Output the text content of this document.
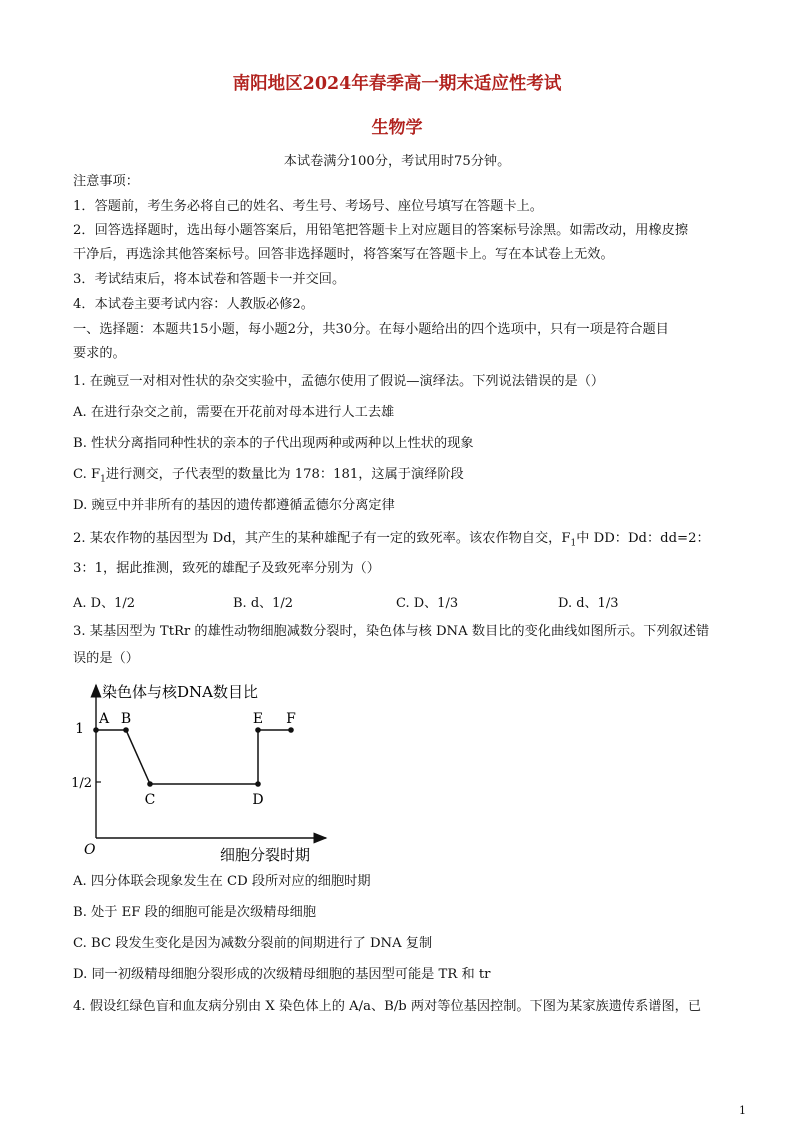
南阳地区2024年春季高一期末适应性考试
生物学
本试卷满分100分，考试用时75分钟。
注意事项：
1．答题前，考生务必将自己的姓名、考生号、考场号、座位号填写在答题卡上。
2．回答选择题时，选出每小题答案后，用铅笔把答题卡上对应题目的答案标号涂黑。如需改动，用橡皮擦
干净后，再选涂其他答案标号。回答非选择题时，将答案写在答题卡上。写在本试卷上无效。
3．考试结束后，将本试卷和答题卡一并交回。
4．本试卷主要考试内容：人教版必修2。
一、选择题：本题共15小题，每小题2分，共30分。在每小题给出的四个选项中，只有一项是符合题目
要求的。
1. 在豌豆一对相对性状的杂交实验中，孟德尔使用了假说—演绎法。下列说法错误的是（）
A. 在进行杂交之前，需要在开花前对母本进行人工去雄
B. 性状分离指同种性状的亲本的子代出现两种或两种以上性状的现象
C. $F_1$进行测交，子代表型的数量比为 178：181，这属于演绎阶段
D. 豌豆中并非所有的基因的遗传都遵循孟德尔分离定律
2. 某农作物的基因型为 Dd，其产生的某种雄配子有一定的致死率。该农作物自交，$F_1$中 DD：Dd：dd=2：
3：1，据此推测，致死的雄配子及致死率分别为（）
A. D、1/2	B. d、1/2	C. D、1/3	D. d、1/3
3. 某基因型为 TtRr 的雄性动物细胞减数分裂时，染色体与核 DNA 数目比的变化曲线如图所示。下列叙述错
误的是（）
染色体与核DNA数目比
细胞分裂时期
O
1
1/2
A B
C	D
E F
A. 四分体联会现象发生在 CD 段所对应的细胞时期
B. 处于 EF 段的细胞可能是次级精母细胞
C. BC 段发生变化是因为减数分裂前的间期进行了 DNA 复制
D. 同一初级精母细胞分裂形成的次级精母细胞的基因型可能是 TR 和 tr
4. 假设红绿色盲和血友病分别由 X 染色体上的 A/a、B/b 两对等位基因控制。下图为某家族遗传系谱图，已
1
